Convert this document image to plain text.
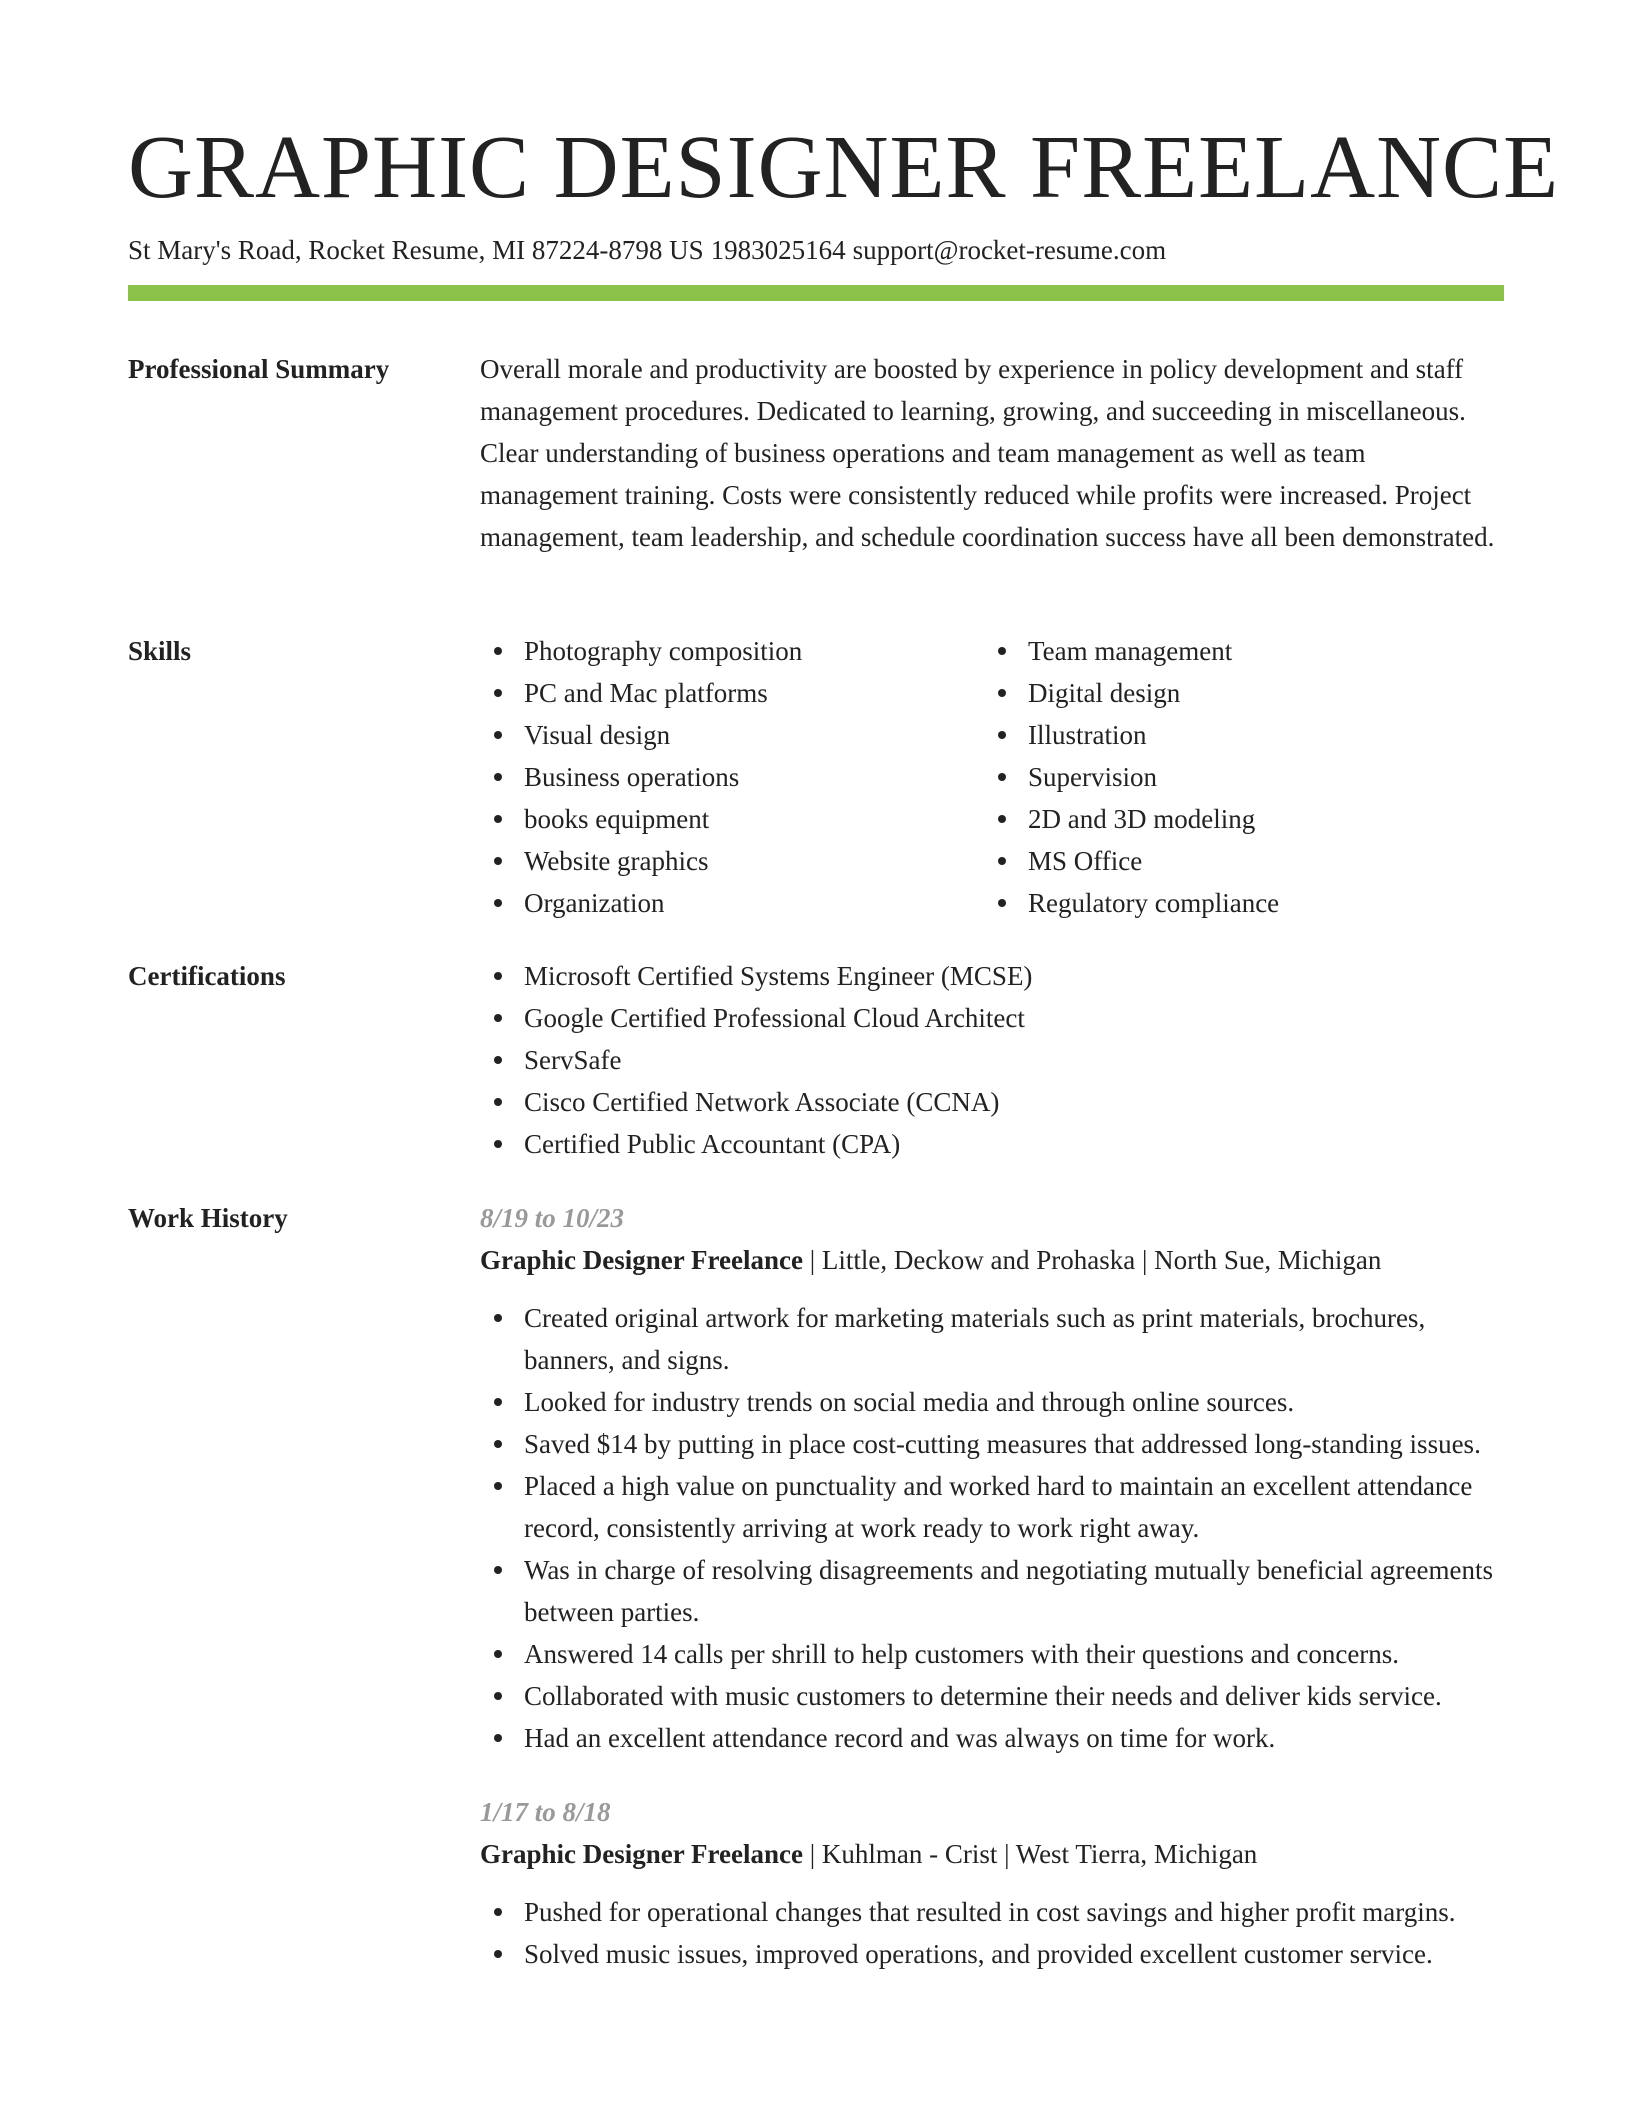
GRAPHIC DESIGNER FREELANCE
St Mary's Road, Rocket Resume, MI 87224-8798 US 1983025164 support@rocket-resume.com
Professional Summary	Overall morale and productivity are boosted by experience in policy development and staff management procedures. Dedicated to learning, growing, and succeeding in miscellaneous. Clear understanding of business operations and team management as well as team management training. Costs were consistently reduced while profits were increased. Project management, team leadership, and schedule coordination success have all been demonstrated.
Skills	Photography composition
PC and Mac platforms
Visual design
Business operations
books equipment
Website graphics
Organization
Team management
Digital design
Illustration
Supervision
2D and 3D modeling
MS Office
Regulatory compliance
Certifications	Microsoft Certified Systems Engineer (MCSE)
Google Certified Professional Cloud Architect
ServSafe
Cisco Certified Network Associate (CCNA)
Certified Public Accountant (CPA)
Work History	8/19 to 10/23
Graphic Designer Freelance | Little, Deckow and Prohaska | North Sue, Michigan
Created original artwork for marketing materials such as print materials, brochures, banners, and signs.
Looked for industry trends on social media and through online sources.
Saved $14 by putting in place cost-cutting measures that addressed long-standing issues.
Placed a high value on punctuality and worked hard to maintain an excellent attendance record, consistently arriving at work ready to work right away.
Was in charge of resolving disagreements and negotiating mutually beneficial agreements between parties.
Answered 14 calls per shrill to help customers with their questions and concerns.
Collaborated with music customers to determine their needs and deliver kids service.
Had an excellent attendance record and was always on time for work.
1/17 to 8/18
Graphic Designer Freelance | Kuhlman - Crist | West Tierra, Michigan
Pushed for operational changes that resulted in cost savings and higher profit margins.
Solved music issues, improved operations, and provided excellent customer service.
